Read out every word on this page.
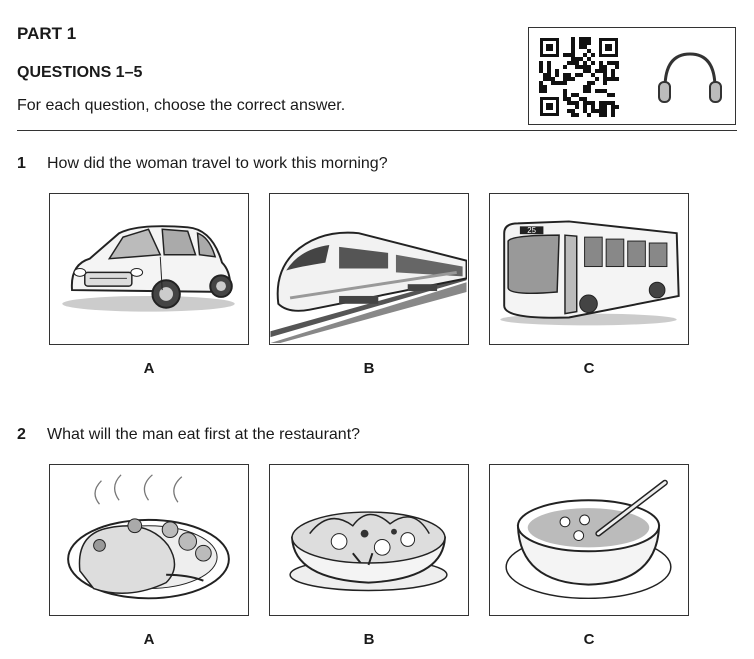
PART 1
QUESTIONS 1–5
For each question, choose the correct answer.
1 How did the woman travel to work this morning?
25
A	B	C
2 What will the man eat first at the restaurant?
A	B	C
